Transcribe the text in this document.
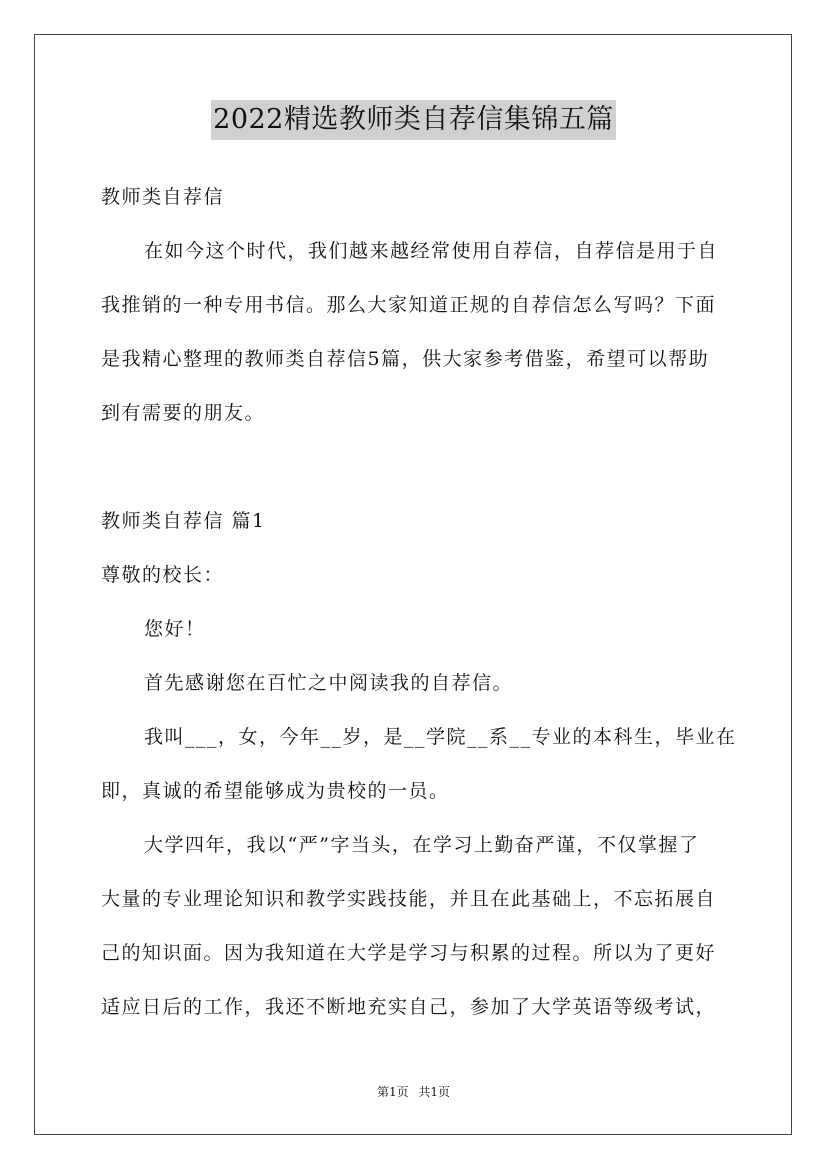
2022精选教师类自荐信集锦五篇
教师类自荐信
在如今这个时代，我们越来越经常使用自荐信，自荐信是用于自
我推销的一种专用书信。那么大家知道正规的自荐信怎么写吗？下面
是我精心整理的教师类自荐信5篇，供大家参考借鉴，希望可以帮助
到有需要的朋友。
教师类自荐信 篇1
尊敬的校长：
您好！
首先感谢您在百忙之中阅读我的自荐信。
我叫___，女，今年__岁，是__学院__系__专业的本科生，毕业在
即，真诚的希望能够成为贵校的一员。
大学四年，我以“严”字当头，在学习上勤奋严谨，不仅掌握了
大量的专业理论知识和教学实践技能，并且在此基础上，不忘拓展自
己的知识面。因为我知道在大学是学习与积累的过程。所以为了更好
适应日后的工作，我还不断地充实自己，参加了大学英语等级考试，
第1页 共1页
